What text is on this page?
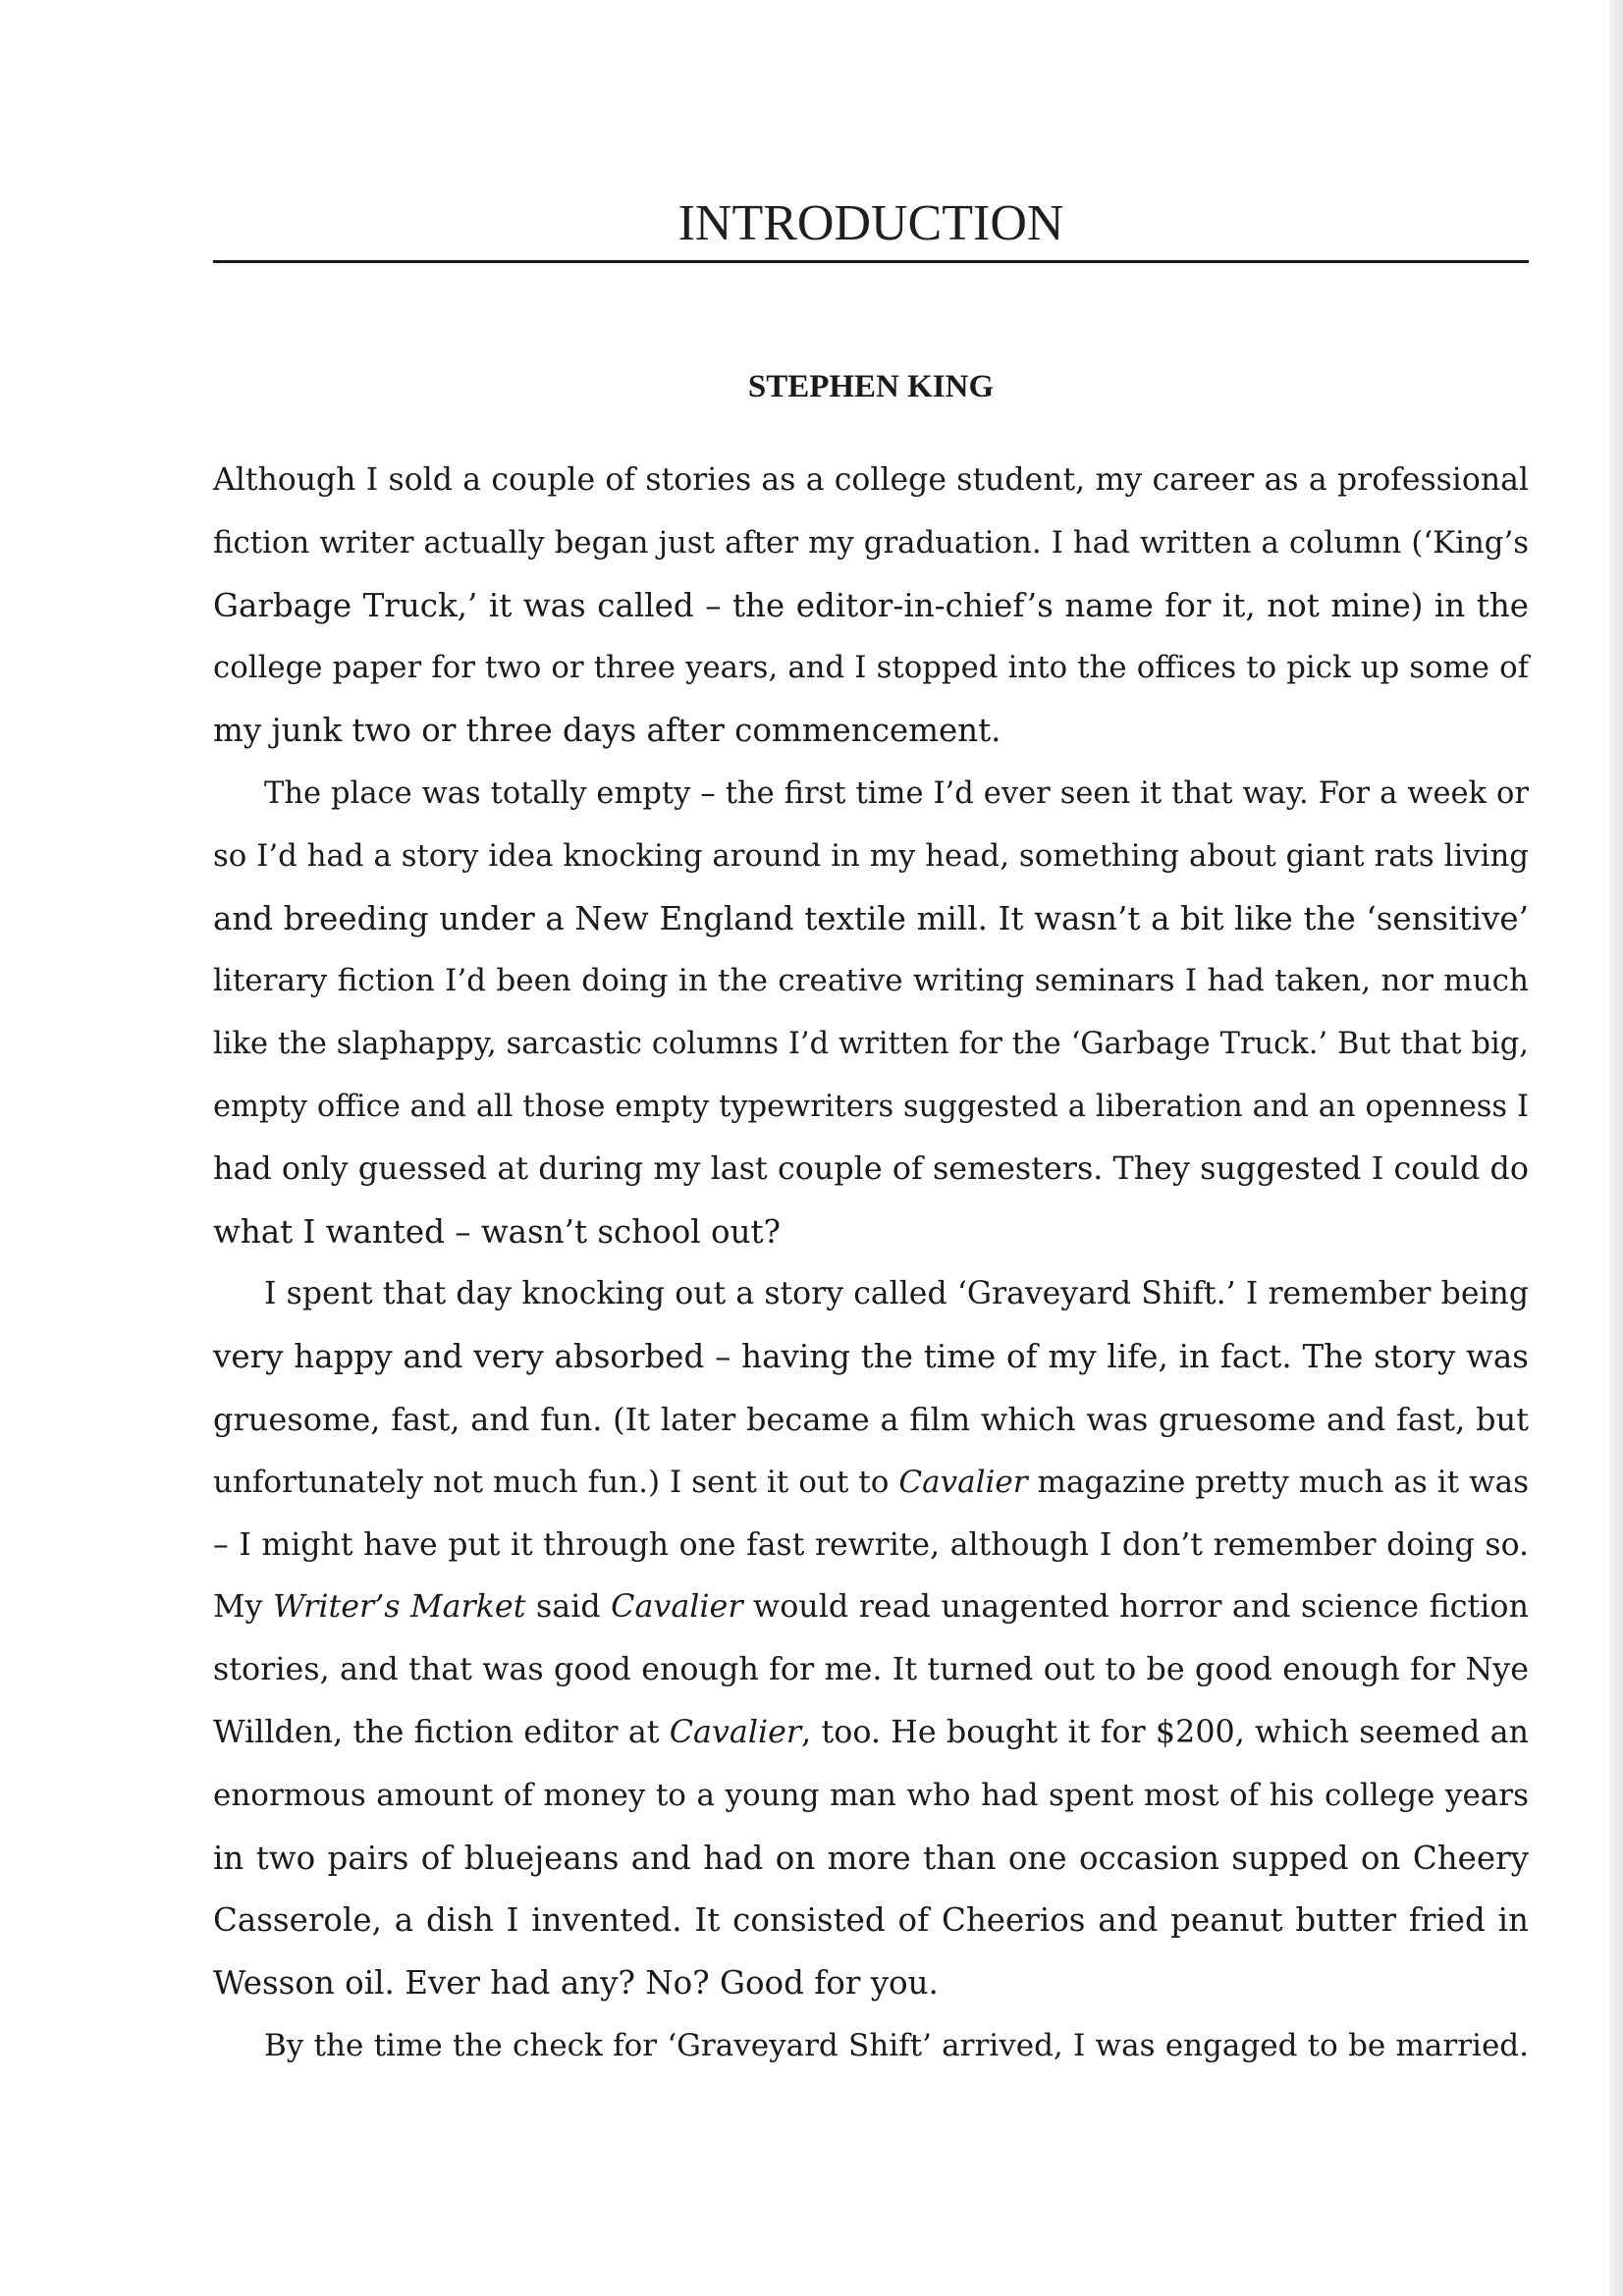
INTRODUCTION
STEPHEN KING
Although I sold a couple of stories as a college student, my career as a professional
fiction writer actually began just after my graduation. I had written a column (‘King’s
Garbage Truck,’ it was called – the editor-in-chief’s name for it, not mine) in the
college paper for two or three years, and I stopped into the offices to pick up some of
my junk two or three days after commencement.
The place was totally empty – the first time I’d ever seen it that way. For a week or
so I’d had a story idea knocking around in my head, something about giant rats living
and breeding under a New England textile mill. It wasn’t a bit like the ‘sensitive’
literary fiction I’d been doing in the creative writing seminars I had taken, nor much
like the slaphappy, sarcastic columns I’d written for the ‘Garbage Truck.’ But that big,
empty office and all those empty typewriters suggested a liberation and an openness I
had only guessed at during my last couple of semesters. They suggested I could do
what I wanted – wasn’t school out?
I spent that day knocking out a story called ‘Graveyard Shift.’ I remember being
very happy and very absorbed – having the time of my life, in fact. The story was
gruesome, fast, and fun. (It later became a film which was gruesome and fast, but
unfortunately not much fun.) I sent it out to Cavalier magazine pretty much as it was
– I might have put it through one fast rewrite, although I don’t remember doing so.
My Writer’s Market said Cavalier would read unagented horror and science fiction
stories, and that was good enough for me. It turned out to be good enough for Nye
Willden, the fiction editor at Cavalier, too. He bought it for $200, which seemed an
enormous amount of money to a young man who had spent most of his college years
in two pairs of bluejeans and had on more than one occasion supped on Cheery
Casserole, a dish I invented. It consisted of Cheerios and peanut butter fried in
Wesson oil. Ever had any? No? Good for you.
By the time the check for ‘Graveyard Shift’ arrived, I was engaged to be married.
